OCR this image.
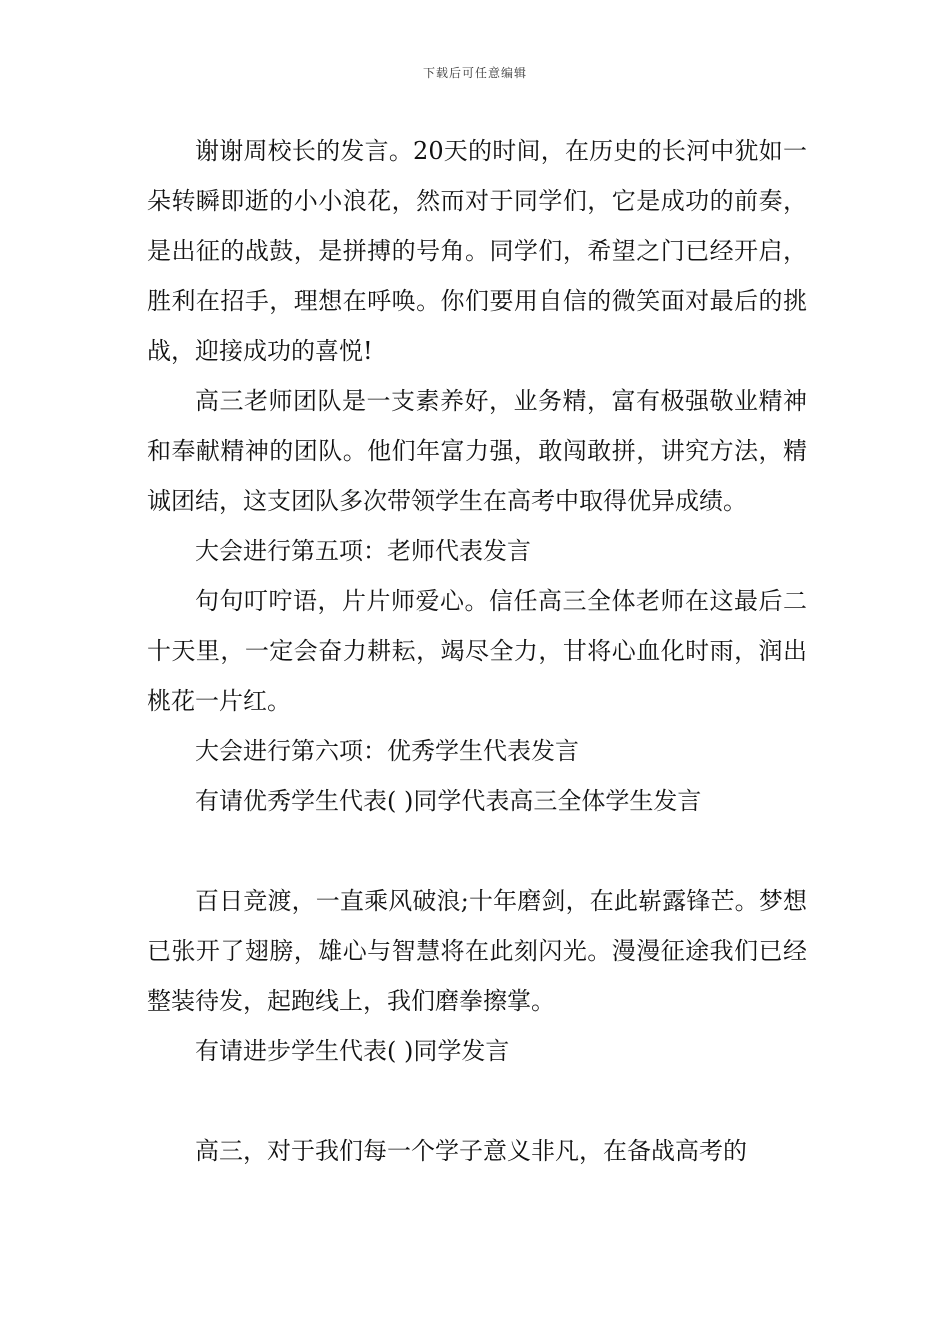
下载后可任意编辑

谢谢周校长的发言。20天的时间，在历史的长河中犹如一朵转瞬即逝的小小浪花，然而对于同学们，它是成功的前奏，是出征的战鼓，是拼搏的号角。同学们，希望之门已经开启，胜利在招手，理想在呼唤。你们要用自信的微笑面对最后的挑战，迎接成功的喜悦!

高三老师团队是一支素养好，业务精，富有极强敬业精神和奉献精神的团队。他们年富力强，敢闯敢拼，讲究方法，精诚团结，这支团队多次带领学生在高考中取得优异成绩。

大会进行第五项：老师代表发言

句句叮咛语，片片师爱心。信任高三全体老师在这最后二十天里，一定会奋力耕耘，竭尽全力，甘将心血化时雨，润出桃花一片红。

大会进行第六项：优秀学生代表发言

有请优秀学生代表( )同学代表高三全体学生发言

百日竞渡，一直乘风破浪;十年磨剑，在此崭露锋芒。梦想已张开了翅膀，雄心与智慧将在此刻闪光。漫漫征途我们已经整装待发，起跑线上，我们磨拳擦掌。

有请进步学生代表( )同学发言

高三，对于我们每一个学子意义非凡，在备战高考的
